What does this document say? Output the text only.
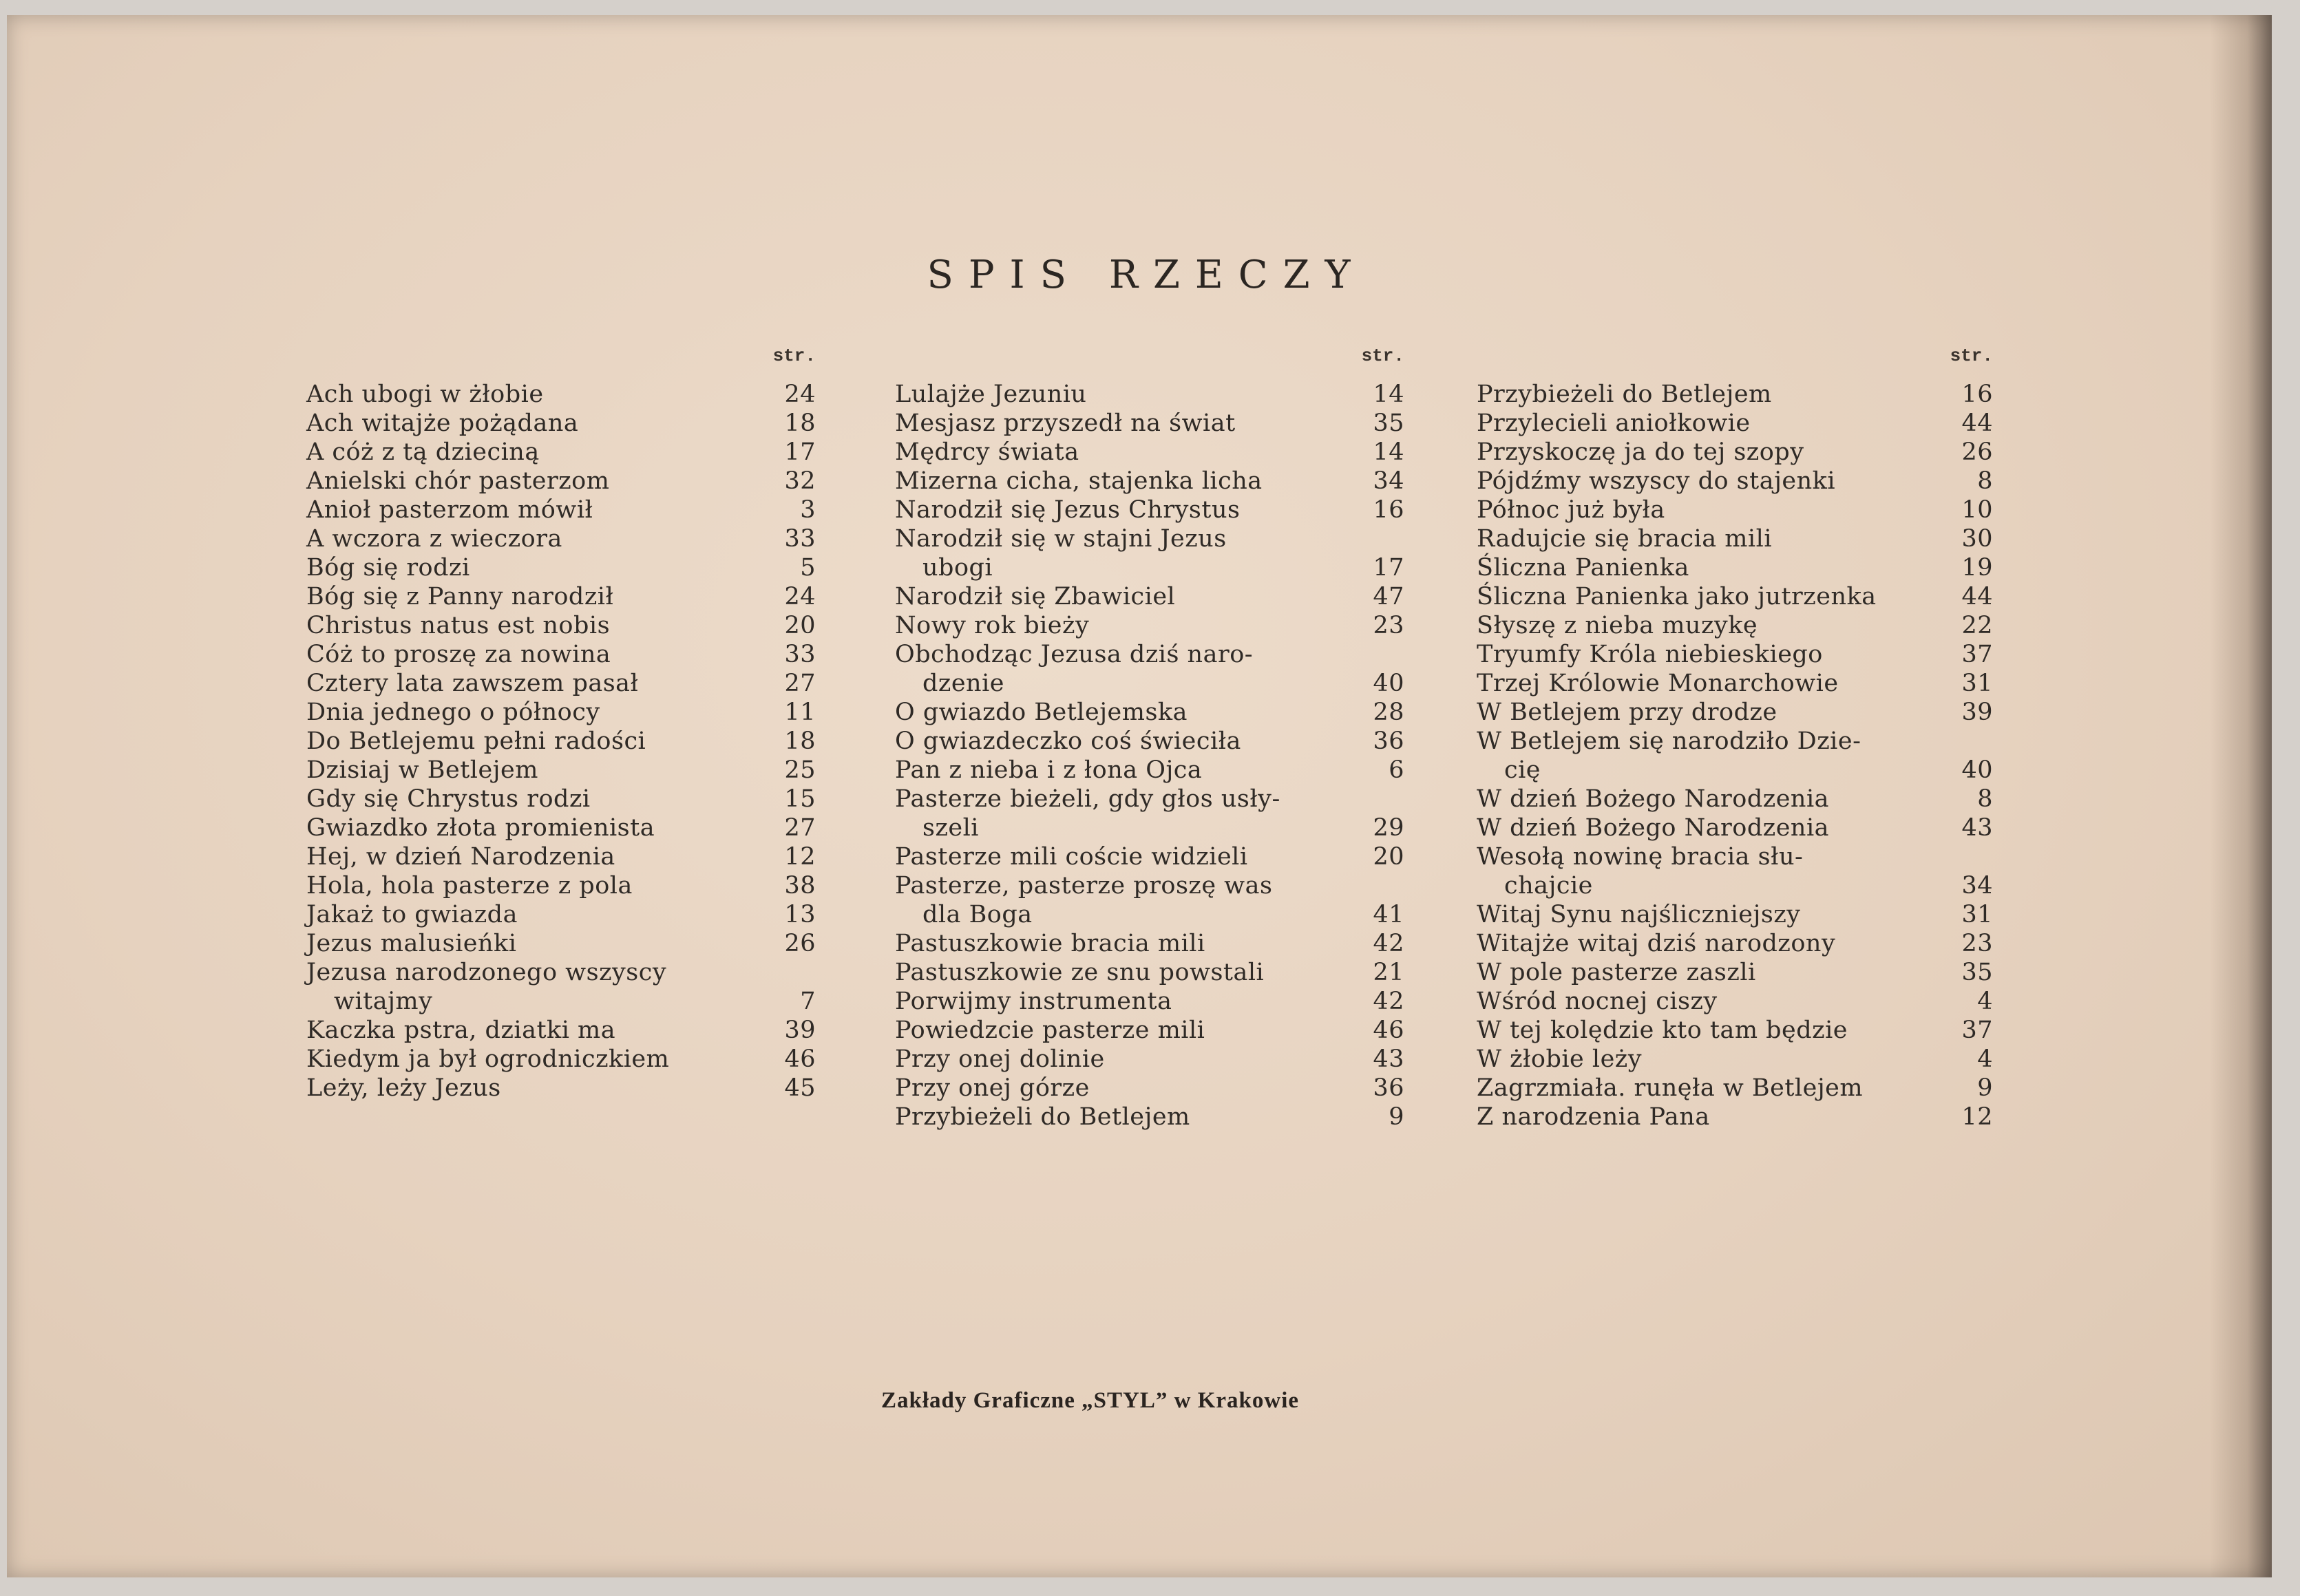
SPIS RZECZY
str.
Ach ubogi w żłobie	24
Ach witajże pożądana	18
A cóż z tą dzieciną	17
Anielski chór pasterzom	32
Anioł pasterzom mówił	3
A wczora z wieczora	33
Bóg się rodzi	5
Bóg się z Panny narodził	24
Christus natus est nobis	20
Cóż to proszę za nowina	33
Cztery lata zawszem pasał	27
Dnia jednego o północy	11
Do Betlejemu pełni radości	18
Dzisiaj w Betlejem	25
Gdy się Chrystus rodzi	15
Gwiazdko złota promienista	27
Hej, w dzień Narodzenia	12
Hola, hola pasterze z pola	38
Jakaż to gwiazda	13
Jezus malusieńki	26
Jezusa narodzonego wszyscy
witajmy	7
Kaczka pstra, dziatki ma	39
Kiedym ja był ogrodniczkiem	46
Leży, leży Jezus	45
str.
Lulajże Jezuniu	14
Mesjasz przyszedł na świat	35
Mędrcy świata	14
Mizerna cicha, stajenka licha	34
Narodził się Jezus Chrystus	16
Narodził się w stajni Jezus
ubogi	17
Narodził się Zbawiciel	47
Nowy rok bieży	23
Obchodząc Jezusa dziś naro-
dzenie	40
O gwiazdo Betlejemska	28
O gwiazdeczko coś świeciła	36
Pan z nieba i z łona Ojca	6
Pasterze bieżeli, gdy głos usły-
szeli	29
Pasterze mili coście widzieli	20
Pasterze, pasterze proszę was
dla Boga	41
Pastuszkowie bracia mili	42
Pastuszkowie ze snu powstali	21
Porwijmy instrumenta	42
Powiedzcie pasterze mili	46
Przy onej dolinie	43
Przy onej górze	36
Przybieżeli do Betlejem	9
str.
Przybieżeli do Betlejem	16
Przylecieli aniołkowie	44
Przyskoczę ja do tej szopy	26
Pójdźmy wszyscy do stajenki	8
Północ już była	10
Radujcie się bracia mili	30
Śliczna Panienka	19
Śliczna Panienka jako jutrzenka	44
Słyszę z nieba muzykę	22
Tryumfy Króla niebieskiego	37
Trzej Królowie Monarchowie	31
W Betlejem przy drodze	39
W Betlejem się narodziło Dzie-
cię	40
W dzień Bożego Narodzenia	8
W dzień Bożego Narodzenia	43
Wesołą nowinę bracia słu-
chajcie	34
Witaj Synu najśliczniejszy	31
Witajże witaj dziś narodzony	23
W pole pasterze zaszli	35
Wśród nocnej ciszy	4
W tej kolędzie kto tam będzie	37
W żłobie leży	4
Zagrzmiała. runęła w Betlejem	9
Z narodzenia Pana	12
Zakłady Graficzne „STYL” w Krakowie
